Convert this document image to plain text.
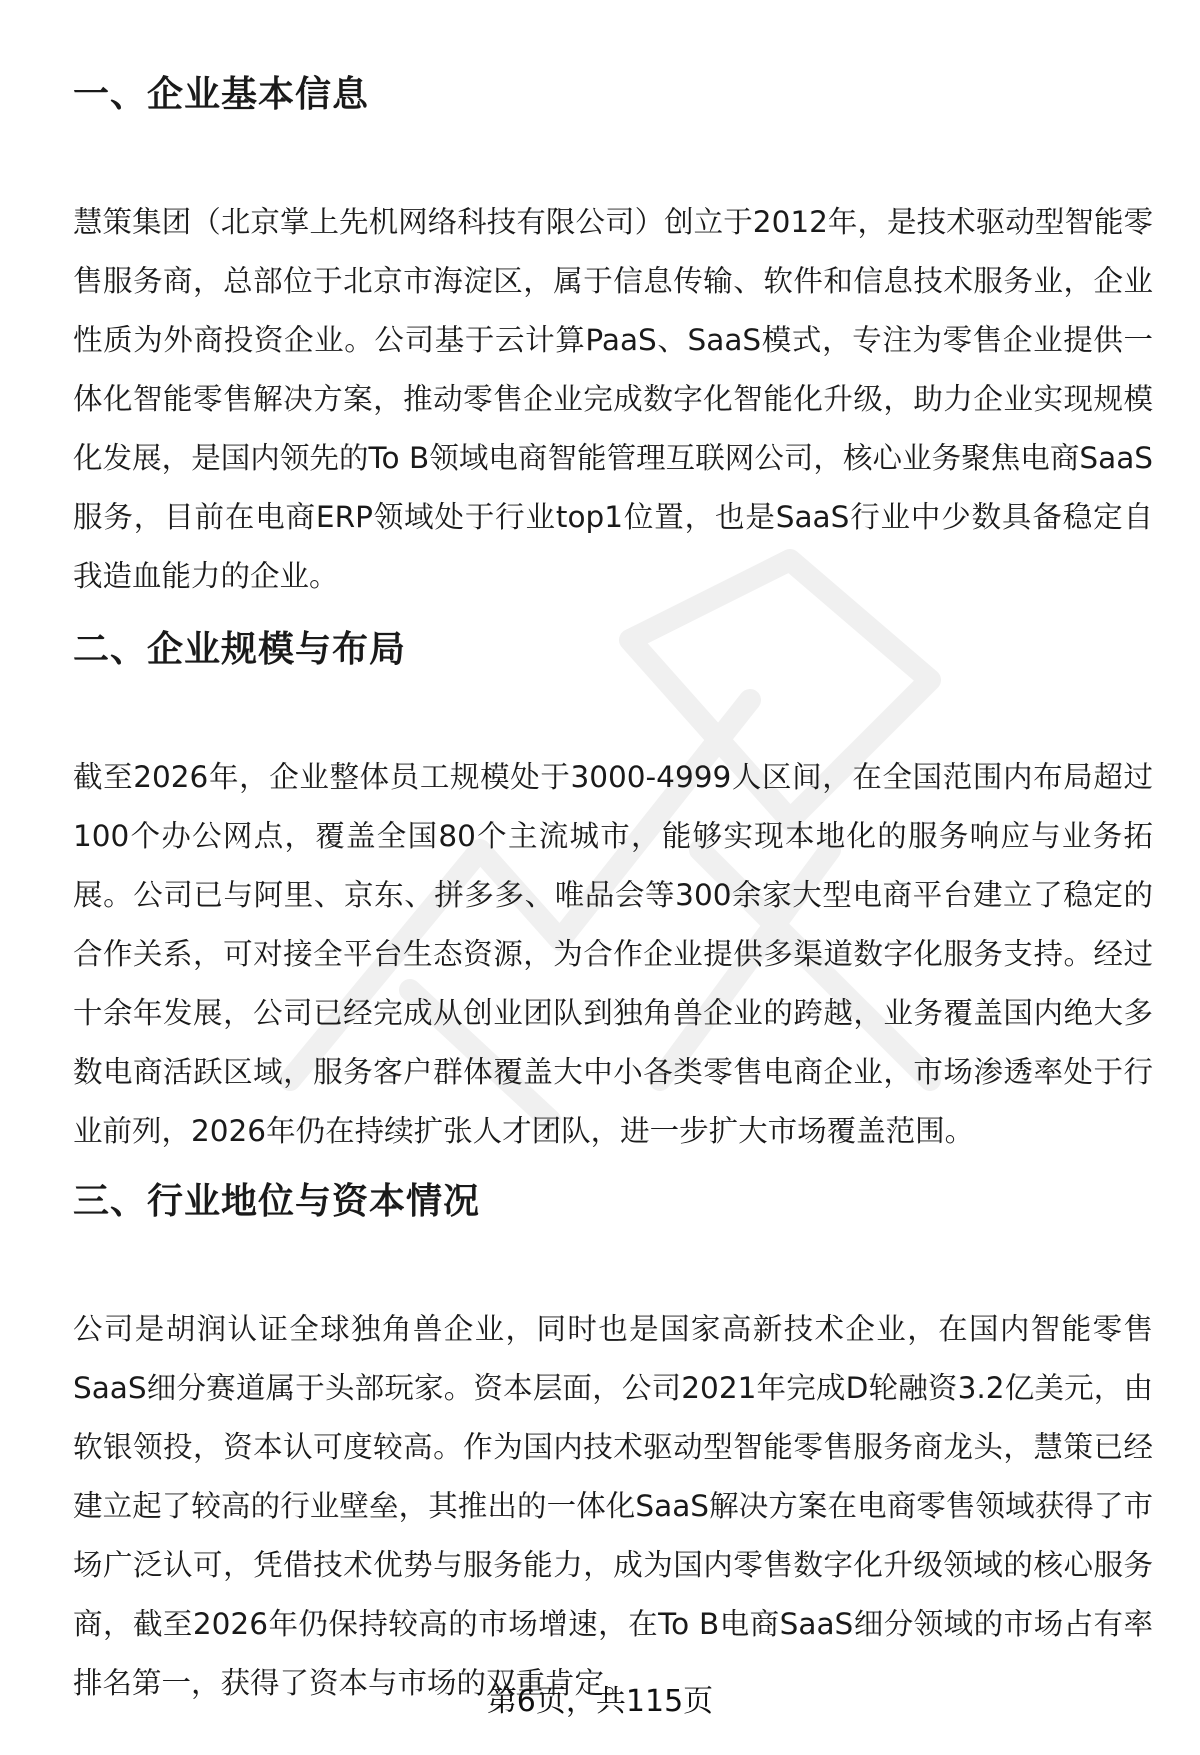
一、企业基本信息

慧策集团（北京掌上先机网络科技有限公司）创立于2012年，是技术驱动型智能零售服务商，总部位于北京市海淀区，属于信息传输、软件和信息技术服务业，企业性质为外商投资企业。公司基于云计算PaaS、SaaS模式，专注为零售企业提供一体化智能零售解决方案，推动零售企业完成数字化智能化升级，助力企业实现规模化发展，是国内领先的To B领域电商智能管理互联网公司，核心业务聚焦电商SaaS服务，目前在电商ERP领域处于行业top1位置，也是SaaS行业中少数具备稳定自我造血能力的企业。

二、企业规模与布局

截至2026年，企业整体员工规模处于3000-4999人区间，在全国范围内布局超过100个办公网点，覆盖全国80个主流城市，能够实现本地化的服务响应与业务拓展。公司已与阿里、京东、拼多多、唯品会等300余家大型电商平台建立了稳定的合作关系，可对接全平台生态资源，为合作企业提供多渠道数字化服务支持。经过十余年发展，公司已经完成从创业团队到独角兽企业的跨越，业务覆盖国内绝大多数电商活跃区域，服务客户群体覆盖大中小各类零售电商企业，市场渗透率处于行业前列，2026年仍在持续扩张人才团队，进一步扩大市场覆盖范围。

三、行业地位与资本情况

公司是胡润认证全球独角兽企业，同时也是国家高新技术企业，在国内智能零售SaaS细分赛道属于头部玩家。资本层面，公司2021年完成D轮融资3.2亿美元，由软银领投，资本认可度较高。作为国内技术驱动型智能零售服务商龙头，慧策已经建立起了较高的行业壁垒，其推出的一体化SaaS解决方案在电商零售领域获得了市场广泛认可，凭借技术优势与服务能力，成为国内零售数字化升级领域的核心服务商，截至2026年仍保持较高的市场增速，在To B电商SaaS细分领域的市场占有率排名第一，获得了资本与市场的双重肯定。

第6页，共115页
